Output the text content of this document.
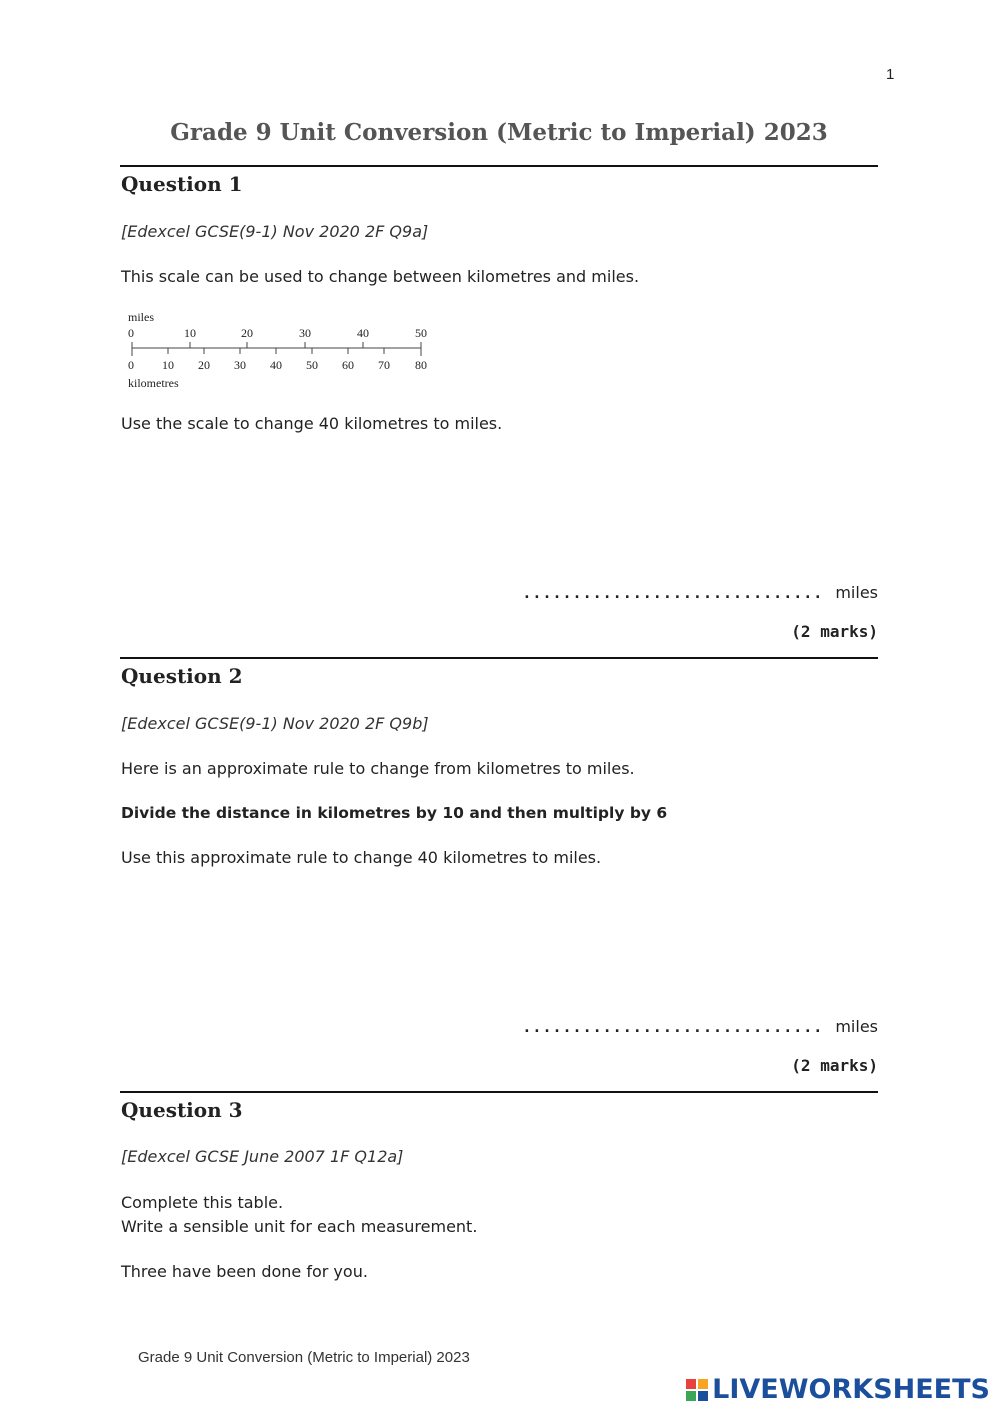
1
Grade 9 Unit Conversion (Metric to Imperial) 2023
Question 1
[Edexcel GCSE(9-1) Nov 2020 2F Q9a]
This scale can be used to change between kilometres and miles.
miles
0	10	20	30	40	50
0 10 20 30 40 50 60 70 80
kilometres
Use the scale to change 40 kilometres to miles.
.............................. miles
(2 marks)
Question 2
[Edexcel GCSE(9-1) Nov 2020 2F Q9b]
Here is an approximate rule to change from kilometres to miles.
Divide the distance in kilometres by 10 and then multiply by 6
Use this approximate rule to change 40 kilometres to miles.
.............................. miles
(2 marks)
Question 3
[Edexcel GCSE June 2007 1F Q12a]
Complete this table.
Write a sensible unit for each measurement.
Three have been done for you.
Grade 9 Unit Conversion (Metric to Imperial) 2023
LIVEWORKSHEETS
